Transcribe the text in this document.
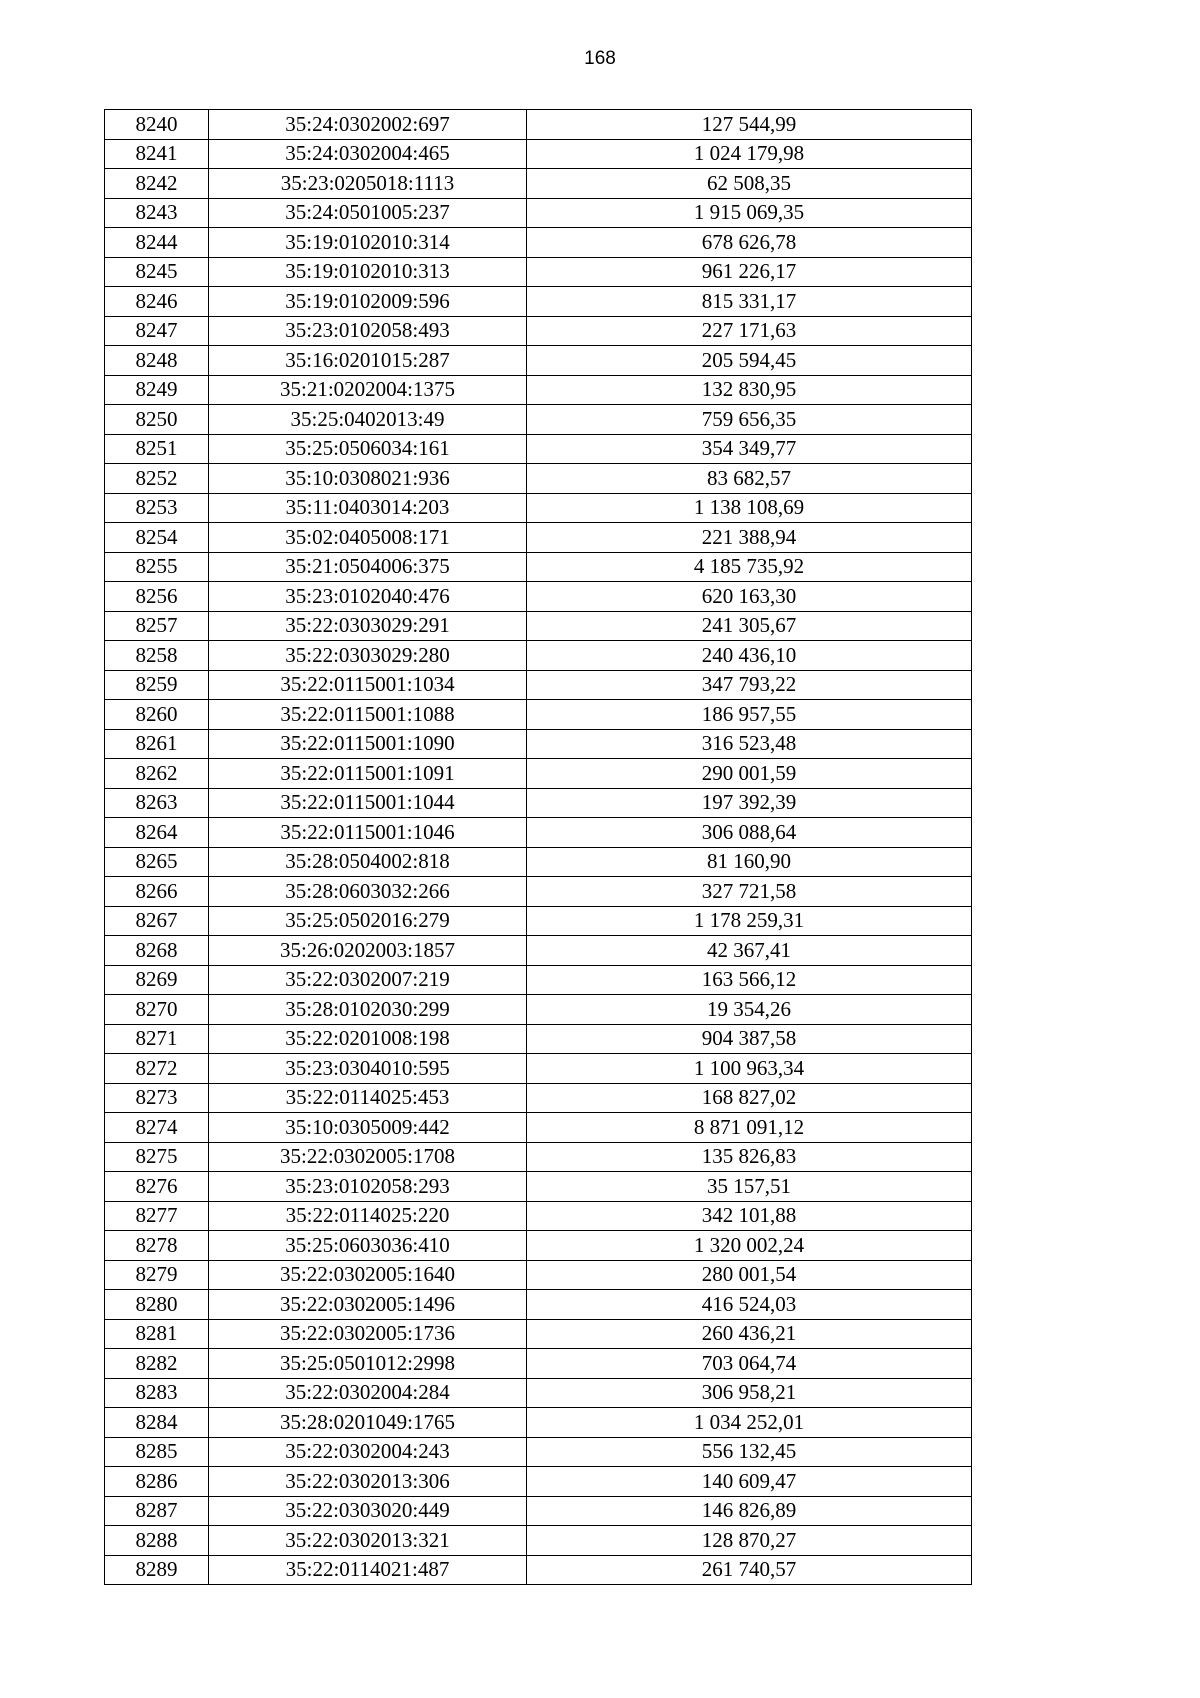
168
8240	35:24:0302002:697	127 544,99
8241	35:24:0302004:465	1 024 179,98
8242	35:23:0205018:1113	62 508,35
8243	35:24:0501005:237	1 915 069,35
8244	35:19:0102010:314	678 626,78
8245	35:19:0102010:313	961 226,17
8246	35:19:0102009:596	815 331,17
8247	35:23:0102058:493	227 171,63
8248	35:16:0201015:287	205 594,45
8249	35:21:0202004:1375	132 830,95
8250	35:25:0402013:49	759 656,35
8251	35:25:0506034:161	354 349,77
8252	35:10:0308021:936	83 682,57
8253	35:11:0403014:203	1 138 108,69
8254	35:02:0405008:171	221 388,94
8255	35:21:0504006:375	4 185 735,92
8256	35:23:0102040:476	620 163,30
8257	35:22:0303029:291	241 305,67
8258	35:22:0303029:280	240 436,10
8259	35:22:0115001:1034	347 793,22
8260	35:22:0115001:1088	186 957,55
8261	35:22:0115001:1090	316 523,48
8262	35:22:0115001:1091	290 001,59
8263	35:22:0115001:1044	197 392,39
8264	35:22:0115001:1046	306 088,64
8265	35:28:0504002:818	81 160,90
8266	35:28:0603032:266	327 721,58
8267	35:25:0502016:279	1 178 259,31
8268	35:26:0202003:1857	42 367,41
8269	35:22:0302007:219	163 566,12
8270	35:28:0102030:299	19 354,26
8271	35:22:0201008:198	904 387,58
8272	35:23:0304010:595	1 100 963,34
8273	35:22:0114025:453	168 827,02
8274	35:10:0305009:442	8 871 091,12
8275	35:22:0302005:1708	135 826,83
8276	35:23:0102058:293	35 157,51
8277	35:22:0114025:220	342 101,88
8278	35:25:0603036:410	1 320 002,24
8279	35:22:0302005:1640	280 001,54
8280	35:22:0302005:1496	416 524,03
8281	35:22:0302005:1736	260 436,21
8282	35:25:0501012:2998	703 064,74
8283	35:22:0302004:284	306 958,21
8284	35:28:0201049:1765	1 034 252,01
8285	35:22:0302004:243	556 132,45
8286	35:22:0302013:306	140 609,47
8287	35:22:0303020:449	146 826,89
8288	35:22:0302013:321	128 870,27
8289	35:22:0114021:487	261 740,57
